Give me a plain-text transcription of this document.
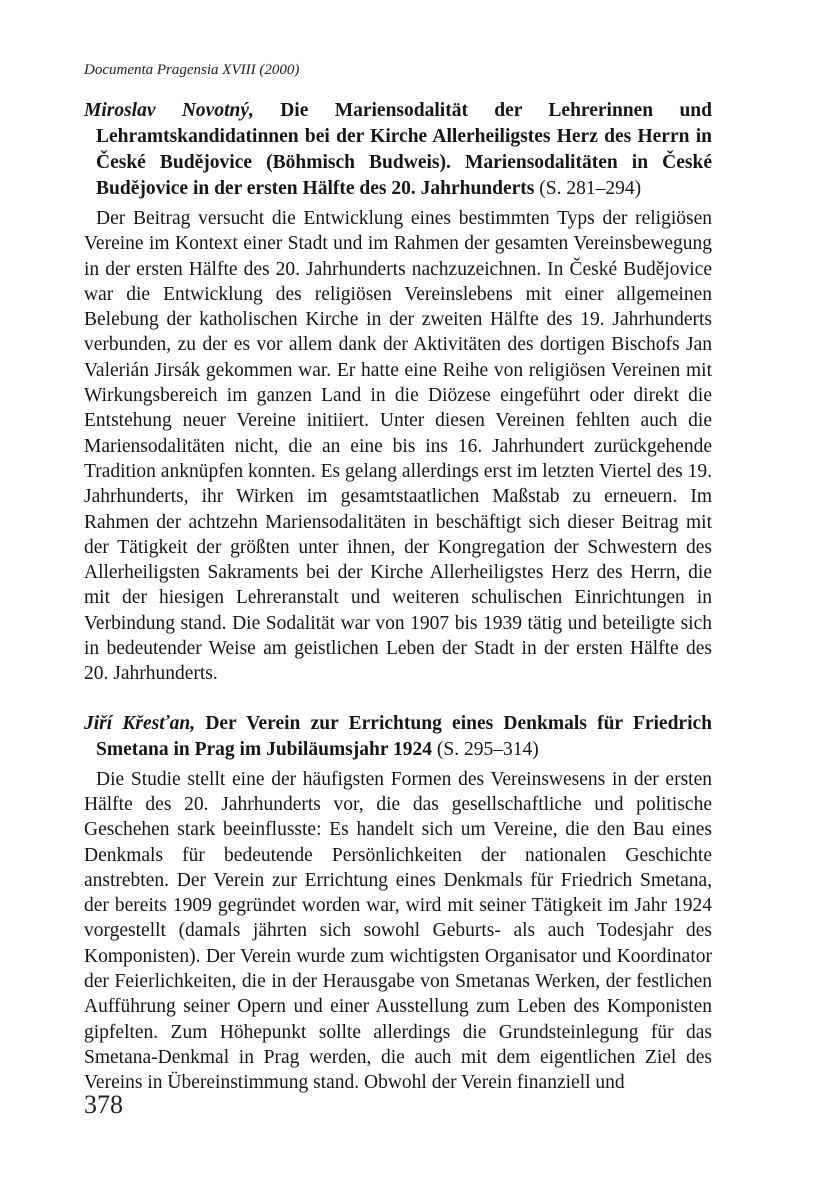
Documenta Pragensia XVIII (2000)

Miroslav Novotný, Die Mariensodalität der Lehrerinnen und Lehramtskandidatinnen bei der Kirche Allerheiligstes Herz des Herrn in České Budějovice (Böhmisch Budweis). Mariensodalitäten in České Budějovice in der ersten Hälfte des 20. Jahrhunderts (S. 281–294)

Der Beitrag versucht die Entwicklung eines bestimmten Typs der religiösen Vereine im Kontext einer Stadt und im Rahmen der gesamten Vereinsbewegung in der ersten Hälfte des 20. Jahrhunderts nachzuzeichnen. In České Budějovice war die Entwicklung des religiösen Vereinslebens mit einer allgemeinen Belebung der katholischen Kirche in der zweiten Hälfte des 19. Jahrhunderts verbunden, zu der es vor allem dank der Aktivitäten des dortigen Bischofs Jan Valerián Jirsák gekommen war. Er hatte eine Reihe von religiösen Vereinen mit Wirkungsbereich im ganzen Land in die Diözese eingeführt oder direkt die Entstehung neuer Vereine initiiert. Unter diesen Vereinen fehlten auch die Mariensodalitäten nicht, die an eine bis ins 16. Jahrhundert zurückgehende Tradition anknüpfen konnten. Es gelang allerdings erst im letzten Viertel des 19. Jahrhunderts, ihr Wirken im gesamtstaatlichen Maßstab zu erneuern. Im Rahmen der achtzehn Mariensodalitäten in beschäftigt sich dieser Beitrag mit der Tätigkeit der größten unter ihnen, der Kongregation der Schwestern des Allerheiligsten Sakraments bei der Kirche Allerheiligstes Herz des Herrn, die mit der hiesigen Lehreranstalt und weiteren schulischen Einrichtungen in Verbindung stand. Die Sodalität war von 1907 bis 1939 tätig und beteiligte sich in bedeutender Weise am geistlichen Leben der Stadt in der ersten Hälfte des 20. Jahrhunderts.

Jiří Křesťan, Der Verein zur Errichtung eines Denkmals für Friedrich Smetana in Prag im Jubiläumsjahr 1924 (S. 295–314)

Die Studie stellt eine der häufigsten Formen des Vereinswesens in der ersten Hälfte des 20. Jahrhunderts vor, die das gesellschaftliche und politische Geschehen stark beeinflusste: Es handelt sich um Vereine, die den Bau eines Denkmals für bedeutende Persönlichkeiten der nationalen Geschichte anstrebten. Der Verein zur Errichtung eines Denkmals für Friedrich Smetana, der bereits 1909 gegründet worden war, wird mit seiner Tätigkeit im Jahr 1924 vorgestellt (damals jährten sich sowohl Geburts- als auch Todesjahr des Komponisten). Der Verein wurde zum wichtigsten Organisator und Koordinator der Feierlichkeiten, die in der Herausgabe von Smetanas Werken, der festlichen Aufführung seiner Opern und einer Ausstellung zum Leben des Komponisten gipfelten. Zum Höhepunkt sollte allerdings die Grundsteinlegung für das Smetana-Denkmal in Prag werden, die auch mit dem eigentlichen Ziel des Vereins in Übereinstimmung stand. Obwohl der Verein finanziell und

378
